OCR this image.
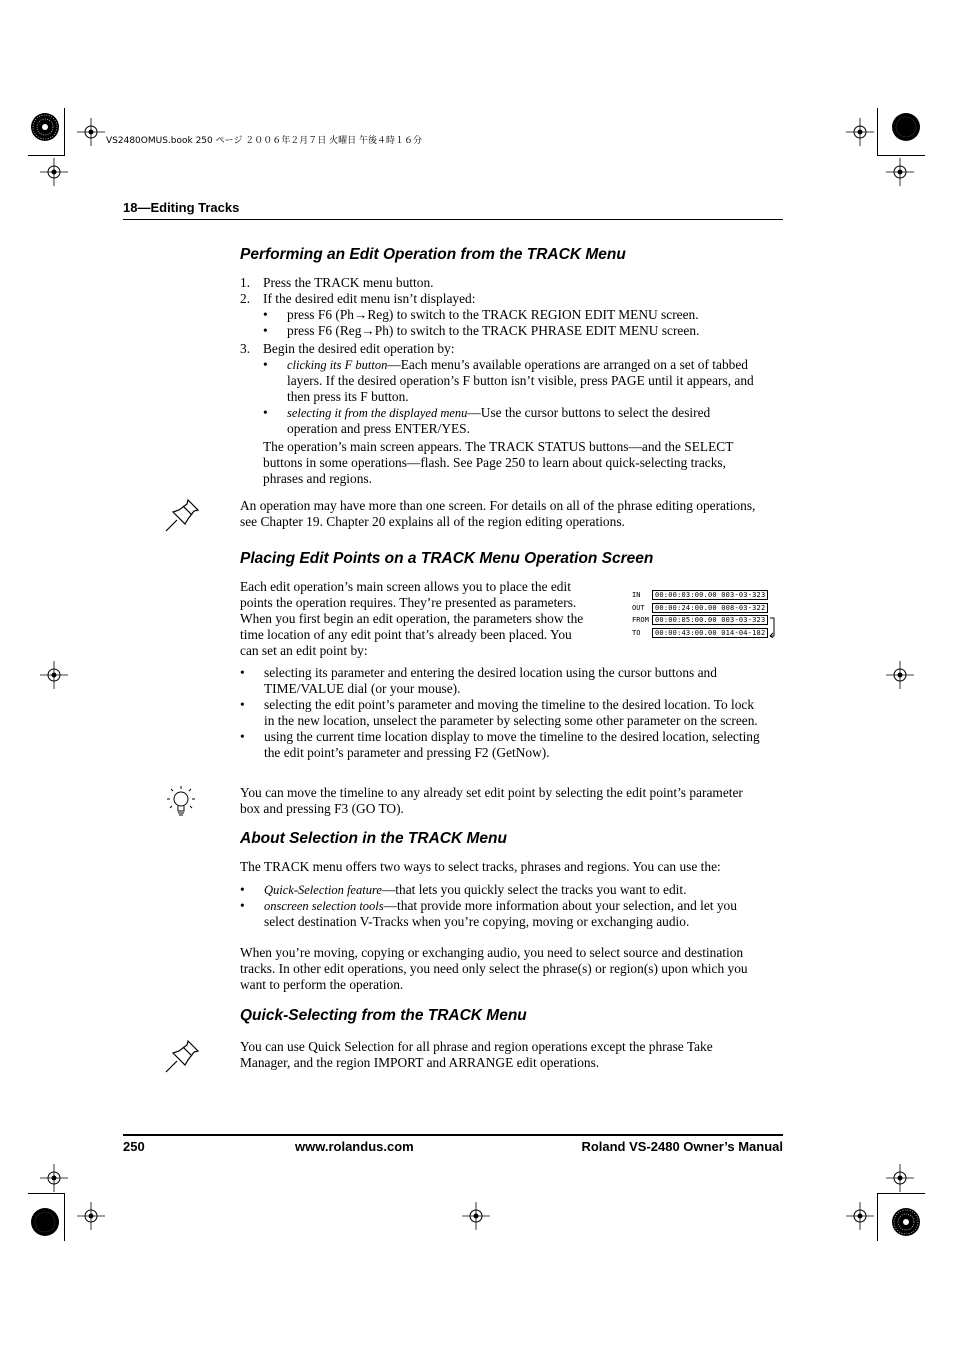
VS2480OMUS.book 250 ページ ２００６年２月７日 火曜日 午後４時１６分
18—Editing Tracks
Performing an Edit Operation from the TRACK Menu
1. Press the TRACK menu button.
2. If the desired edit menu isn’t displayed:
• press F6 (Ph→Reg) to switch to the TRACK REGION EDIT MENU screen.
• press F6 (Reg→Ph) to switch to the TRACK PHRASE EDIT MENU screen.
3. Begin the desired edit operation by:
• clicking its F button—Each menu’s available operations are arranged on a set of tabbed layers. If the desired operation’s F button isn’t visible, press PAGE until it appears, and then press its F button.
• selecting it from the displayed menu—Use the cursor buttons to select the desired operation and press ENTER/YES.

The operation’s main screen appears. The TRACK STATUS buttons—and the SELECT buttons in some operations—flash. See Page 250 to learn about quick-selecting tracks, phrases and regions.

An operation may have more than one screen. For details on all of the phrase editing operations, see Chapter 19. Chapter 20 explains all of the region editing operations.
Placing Edit Points on a TRACK Menu Operation Screen
Each edit operation’s main screen allows you to place the edit points the operation requires. They’re presented as parameters. When you first begin an edit operation, the parameters show the time location of any edit point that’s already been placed. You can set an edit point by:
IN 00:00:03:00.00 003-03-323
OUT 00:00:24:00.00 008-03-322
FROM 00:00:05:00.00 003-03-323
TO 00:00:43:00.00 014-04-182
• selecting its parameter and entering the desired location using the cursor buttons and TIME/VALUE dial (or your mouse).
• selecting the edit point’s parameter and moving the timeline to the desired location. To lock in the new location, unselect the parameter by selecting some other parameter on the screen.
• using the current time location display to move the timeline to the desired location, selecting the edit point’s parameter and pressing F2 (GetNow).
You can move the timeline to any already set edit point by selecting the edit point’s parameter box and pressing F3 (GO TO).
About Selection in the TRACK Menu
The TRACK menu offers two ways to select tracks, phrases and regions. You can use the:
• Quick-Selection feature—that lets you quickly select the tracks you want to edit.
• onscreen selection tools—that provide more information about your selection, and let you select destination V-Tracks when you’re copying, moving or exchanging audio.
When you’re moving, copying or exchanging audio, you need to select source and destination tracks. In other edit operations, you need only select the phrase(s) or region(s) upon which you want to perform the operation.
Quick-Selecting from the TRACK Menu
You can use Quick Selection for all phrase and region operations except the phrase Take Manager, and the region IMPORT and ARRANGE edit operations.
250	www.rolandus.com	Roland VS-2480 Owner’s Manual
